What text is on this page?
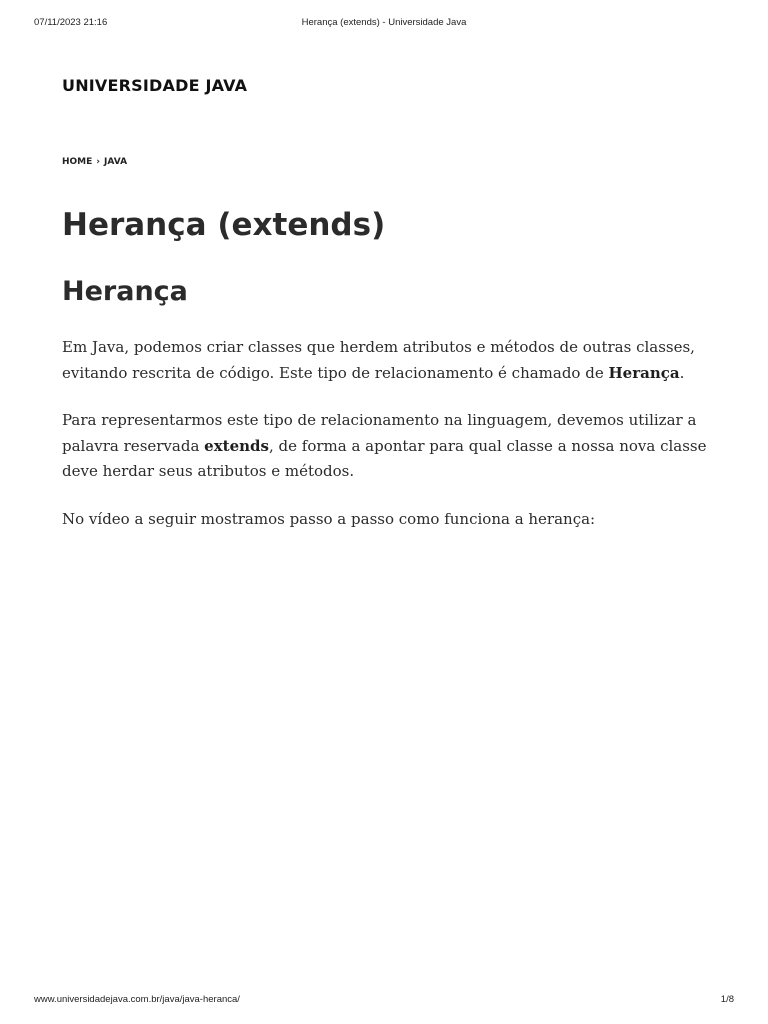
07/11/2023 21:16	Herança (extends) - Universidade Java
UNIVERSIDADE JAVA
HOME › JAVA
Herança (extends)
Herança

Em Java, podemos criar classes que herdem atributos e métodos de outras classes, evitando rescrita de código. Este tipo de relacionamento é chamado de Herança.

Para representarmos este tipo de relacionamento na linguagem, devemos utilizar a palavra reservada extends, de forma a apontar para qual classe a nossa nova classe deve herdar seus atributos e métodos.

No vídeo a seguir mostramos passo a passo como funciona a herança:

www.universidadejava.com.br/java/java-heranca/	1/8
